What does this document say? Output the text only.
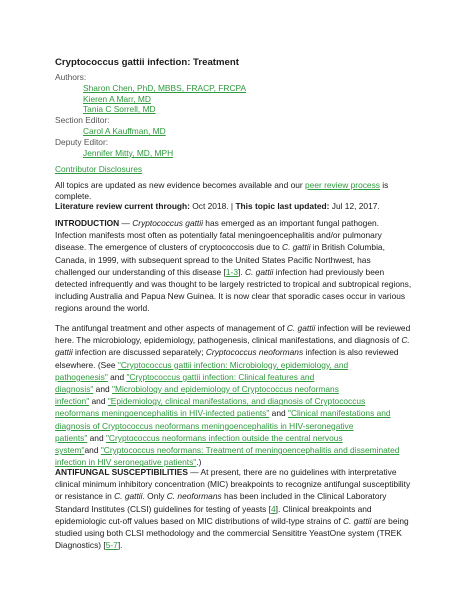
Cryptococcus gattii infection: Treatment
Authors:
Sharon Chen, PhD, MBBS, FRACP, FRCPA
Kieren A Marr, MD
Tania C Sorrell, MD
Section Editor:
Carol A Kauffman, MD
Deputy Editor:
Jennifer Mitty, MD, MPH
Contributor Disclosures
All topics are updated as new evidence becomes available and our peer review process is
complete.
Literature review current through: Oct 2018. | This topic last updated: Jul 12, 2017.
INTRODUCTION — Cryptococcus gattii has emerged as an important fungal pathogen.
Infection manifests most often as potentially fatal meningoencephalitis and/or pulmonary
disease. The emergence of clusters of cryptococcosis due to C. gattii in British Columbia,
Canada, in 1999, with subsequent spread to the United States Pacific Northwest, has
challenged our understanding of this disease [1-3]. C. gattii infection had previously been
detected infrequently and was thought to be largely restricted to tropical and subtropical regions,
including Australia and Papua New Guinea. It is now clear that sporadic cases occur in various
regions around the world.
The antifungal treatment and other aspects of management of C. gattii infection will be reviewed
here. The microbiology, epidemiology, pathogenesis, clinical manifestations, and diagnosis of C.
gattii infection are discussed separately; Cryptococcus neoformans infection is also reviewed
elsewhere. (See "Cryptococcus gattii infection: Microbiology, epidemiology, and
pathogenesis" and "Cryptococcus gattii infection: Clinical features and
diagnosis" and "Microbiology and epidemiology of Cryptococcus neoformans
infection" and "Epidemiology, clinical manifestations, and diagnosis of Cryptococcus
neoformans meningoencephalitis in HIV-infected patients" and "Clinical manifestations and
diagnosis of Cryptococcus neoformans meningoencephalitis in HIV-seronegative
patients" and "Cryptococcus neoformans infection outside the central nervous
system"and "Cryptococcus neoformans: Treatment of meningoencephalitis and disseminated
infection in HIV seronegative patients".)
ANTIFUNGAL SUSCEPTIBILITIES — At present, there are no guidelines with interpretative
clinical minimum inhibitory concentration (MIC) breakpoints to recognize antifungal susceptibility
or resistance in C. gattii. Only C. neoformans has been included in the Clinical Laboratory
Standard Institutes (CLSI) guidelines for testing of yeasts [4]. Clinical breakpoints and
epidemiologic cut-off values based on MIC distributions of wild-type strains of C. gattii are being
studied using both CLSI methodology and the commercial Sensititre YeastOne system (TREK
Diagnostics) [5-7].
